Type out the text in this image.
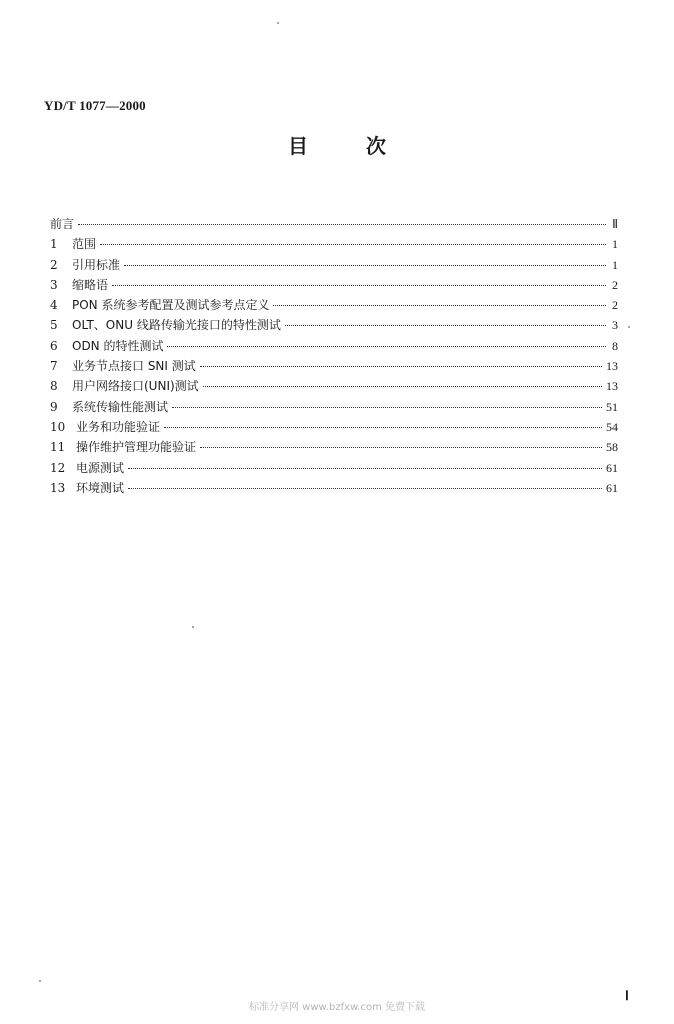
YD/T 1077—2000
目	次
前言	Ⅱ
1	范围	1
2	引用标准	1
3	缩略语	2
4	PON 系统参考配置及测试参考点定义	2
5	OLT、ONU 线路传输光接口的特性测试	3
6	ODN 的特性测试	8
7	业务节点接口 SNI 测试	13
8	用户网络接口(UNI)测试	13
9	系统传输性能测试	51
10 业务和功能验证	54
11 操作维护管理功能验证	58
12 电源测试	61
13 环境测试	61
标准分享网 www.bzfxw.com 免费下载
Ⅰ
